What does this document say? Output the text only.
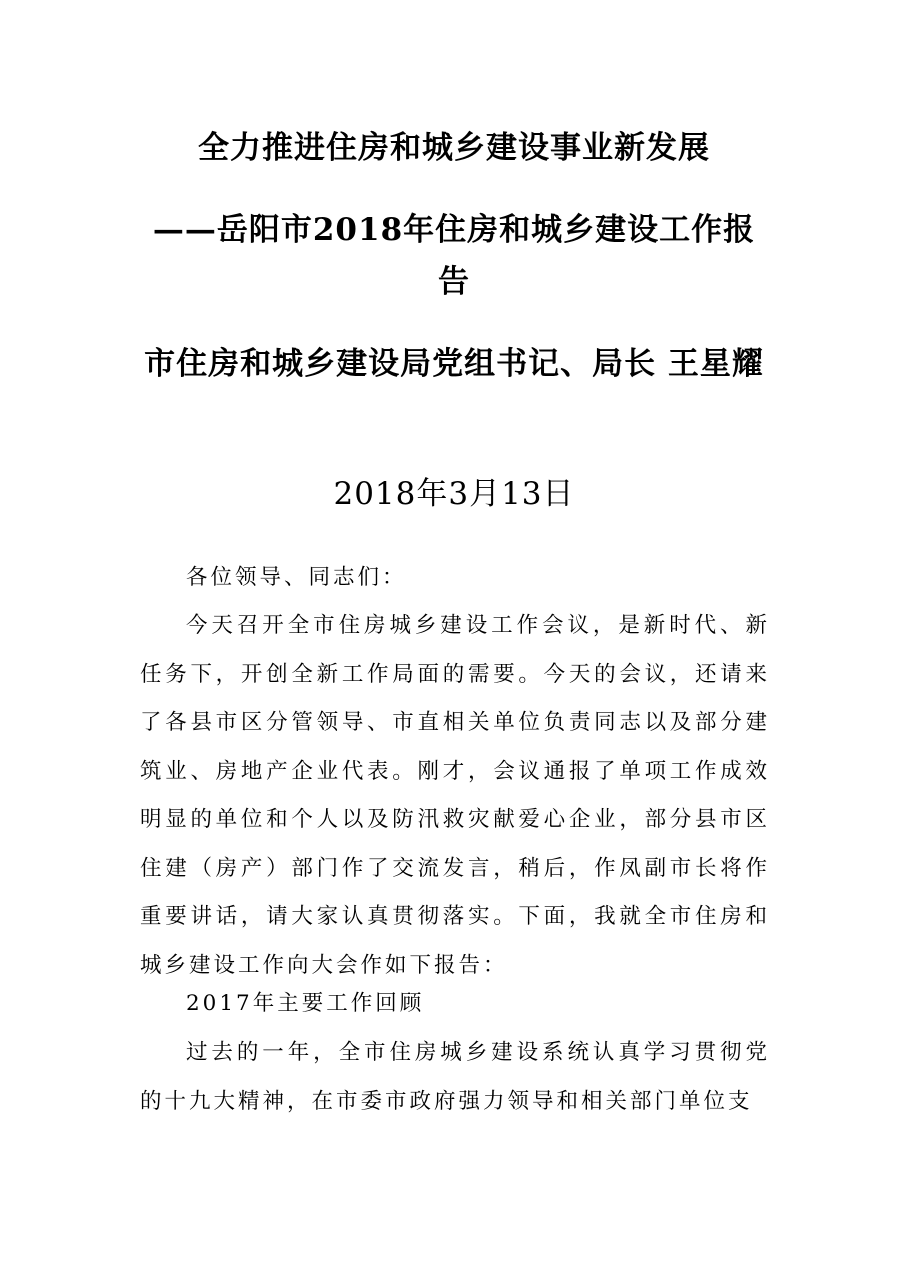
全力推进住房和城乡建设事业新发展
——岳阳市2018年住房和城乡建设工作报告
市住房和城乡建设局党组书记、局长 王星耀
2018年3月13日

各位领导、同志们：

今天召开全市住房城乡建设工作会议，是新时代、新任务下，开创全新工作局面的需要。今天的会议，还请来了各县市区分管领导、市直相关单位负责同志以及部分建筑业、房地产企业代表。刚才，会议通报了单项工作成效明显的单位和个人以及防汛救灾献爱心企业，部分县市区住建（房产）部门作了交流发言，稍后，作凤副市长将作重要讲话，请大家认真贯彻落实。下面，我就全市住房和城乡建设工作向大会作如下报告：

2017年主要工作回顾

过去的一年，全市住房城乡建设系统认真学习贯彻党的十九大精神，在市委市政府强力领导和相关部门单位支
